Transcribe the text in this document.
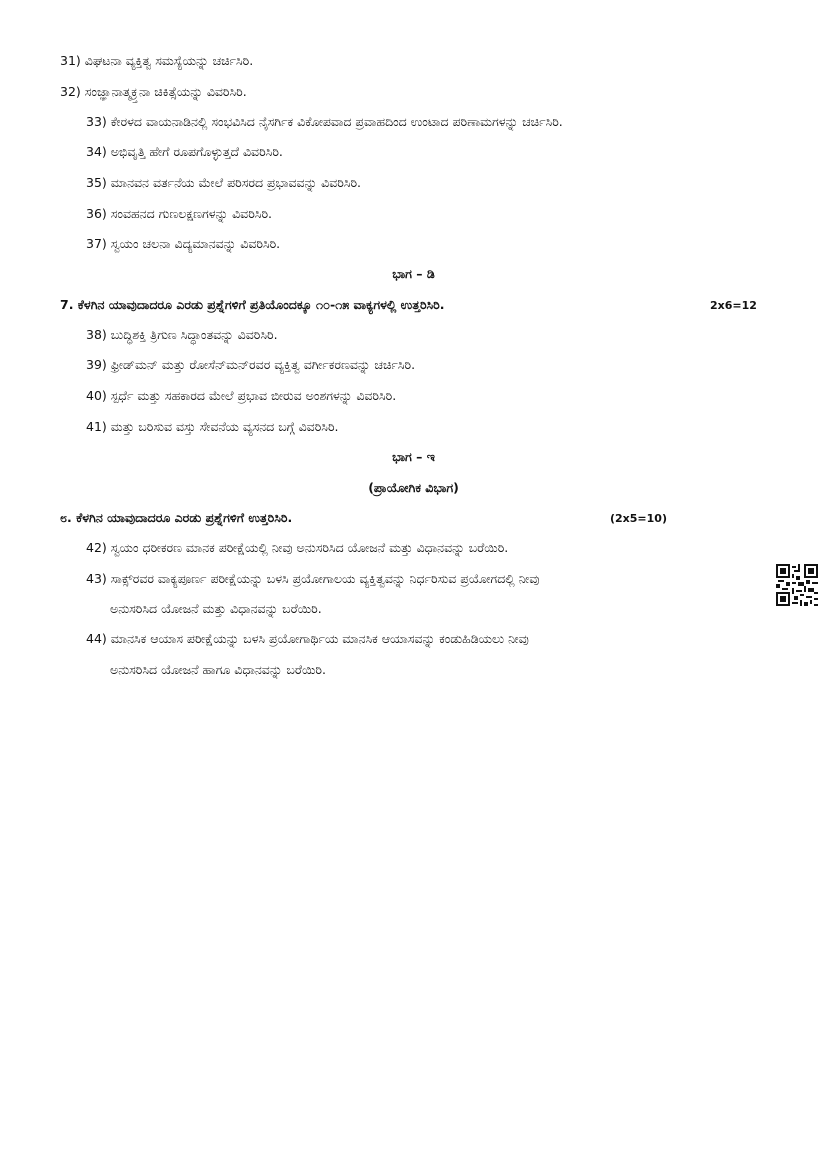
31) ವಿಘಟನಾ ವ್ಯಕ್ತಿತ್ವ ಸಮಸ್ಯೆಯನ್ನು ಚರ್ಚಿಸಿರಿ.
32) ಸಂಜ್ಞಾನಾತ್ಮಕ್ರ್ತನಾ ಚಿಕಿತ್ಸೆಯನ್ನು ವಿವರಿಸಿರಿ.
33) ಕೇರಳದ ವಾಯನಾಡಿನಲ್ಲಿ ಸಂಭವಿಸಿದ ನೈಸರ್ಗಿಕ ವಿಕೋಪವಾದ ಪ್ರವಾಹದಿಂದ ಉಂಟಾದ ಪರಿಣಾಮಗಳನ್ನು ಚರ್ಚಿಸಿರಿ.
34) ಅಭಿವೃತ್ತಿ ಹೇಗೆ ರೂಪಗೊಳ್ಳುತ್ತದೆ ವಿವರಿಸಿರಿ.
35) ಮಾನವನ ವರ್ತನೆಯ ಮೇಲೆ ಪರಿಸರದ ಪ್ರಭಾವವನ್ನು ವಿವರಿಸಿರಿ.
36) ಸಂವಹನದ ಗುಣಲಕ್ಷಣಗಳನ್ನು ವಿವರಿಸಿರಿ.
37) ಸ್ವಯಂ ಚಲನಾ ವಿದ್ಯಮಾನವನ್ನು ವಿವರಿಸಿರಿ.
ಭಾಗ – ಡಿ
7. ಕೆಳಗಿನ ಯಾವುದಾದರೂ ಎರಡು ಪ್ರಶ್ನೆಗಳಿಗೆ ಪ್ರತಿಯೊಂದಕ್ಕೂ ೧೦-೧೫ ವಾಕ್ಯಗಳಲ್ಲಿ ಉತ್ತರಿಸಿರಿ.	2x6=12
38) ಬುದ್ಧಿಶಕ್ತಿ ತ್ರಿಗುಣ ಸಿದ್ಧಾಂತವನ್ನು ವಿವರಿಸಿರಿ.
39) ಫ್ರೀಡ್‌ಮನ್ ಮತ್ತು ರೋಸೆನ್‌ಮನ್‌ರವರ ವ್ಯಕ್ತಿತ್ವ ವರ್ಗೀಕರಣವನ್ನು ಚರ್ಚಿಸಿರಿ.
40) ಸ್ಪರ್ಧೆ ಮತ್ತು ಸಹಕಾರದ ಮೇಲೆ ಪ್ರಭಾವ ಬೀರುವ ಅಂಶಗಳನ್ನು ವಿವರಿಸಿರಿ.
41) ಮತ್ತು ಬರಿಸುವ ವಸ್ತು ಸೇವನೆಯ ವ್ಯಸನದ ಬಗ್ಗೆ ವಿವರಿಸಿರಿ.
ಭಾಗ – ಇ
(ಪ್ರಾಯೋಗಿಕ ವಿಭಾಗ)
೮. ಕೆಳಗಿನ ಯಾವುದಾದರೂ ಎರಡು ಪ್ರಶ್ನೆಗಳಿಗೆ ಉತ್ತರಿಸಿರಿ.	(2x5=10)
42) ಸ್ವಯಂ ಧರೀಕರಣ ಮಾನಕ ಪರೀಕ್ಷೆಯಲ್ಲಿ ನೀವು ಅನುಸರಿಸಿದ ಯೋಜನೆ ಮತ್ತು ವಿಧಾನವನ್ನು ಬರೆಯಿರಿ.
43) ಸಾಕ್ಸ್‌ರವರ ವಾಕ್ಯಪೂರ್ಣ ಪರೀಕ್ಷೆಯನ್ನು ಬಳಸಿ ಪ್ರಯೋಗಾಲಯ ವ್ಯಕ್ತಿತ್ವವನ್ನು ನಿರ್ಧರಿಸುವ ಪ್ರಯೋಗದಲ್ಲಿ ನೀವು
ಅನುಸರಿಸಿದ ಯೋಜನೆ ಮತ್ತು ವಿಧಾನವನ್ನು ಬರೆಯಿರಿ.
44) ಮಾನಸಿಕ ಆಯಾಸ ಪರೀಕ್ಷೆಯನ್ನು ಬಳಸಿ ಪ್ರಯೋಗಾರ್ಥಿಯ ಮಾನಸಿಕ ಆಯಾಸವನ್ನು ಕಂಡುಹಿಡಿಯಲು ನೀವು
ಅನುಸರಿಸಿದ ಯೋಜನೆ ಹಾಗೂ ವಿಧಾನವನ್ನು ಬರೆಯಿರಿ.
